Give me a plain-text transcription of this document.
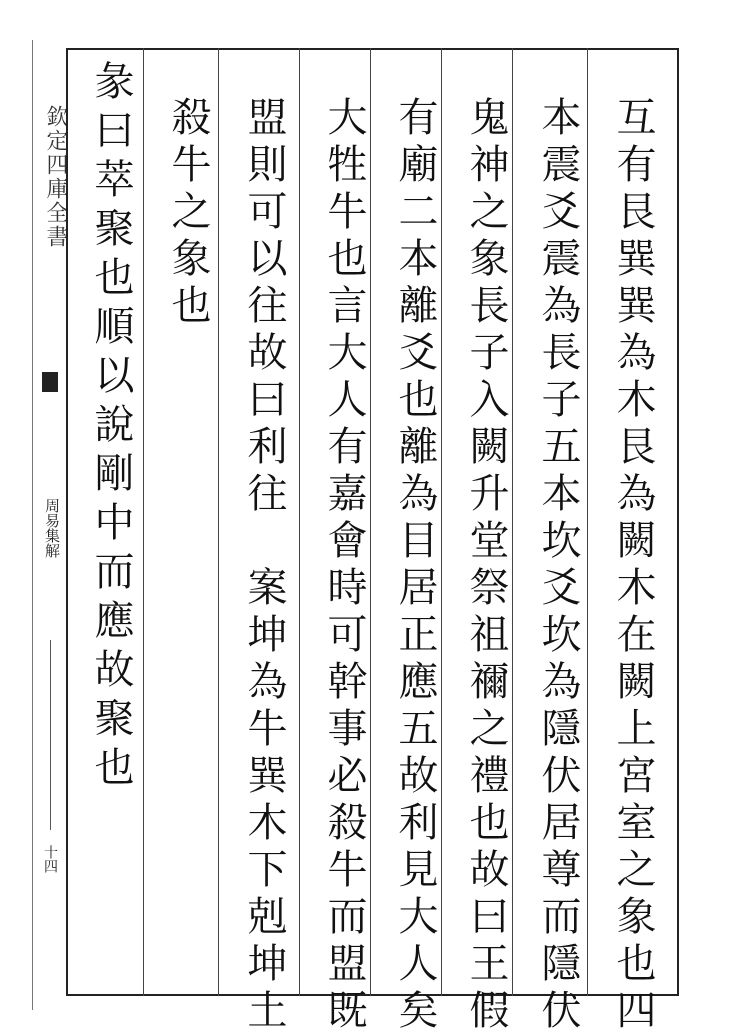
欽定四庫全書
周易集解
十四	互有艮巽巽為木艮為闕木在闕上宮室之象也四
本震爻震為長子五本坎爻坎為隱伏居尊而隱伏
鬼神之象長子入闕升堂祭祖禰之禮也故曰王假
有廟二本離爻也離為目居正應五故利見大人矣
大牲牛也言大人有嘉會時可幹事必殺牛而盟既
盟則可以往故曰利往　案坤為牛巽木下剋坤土
殺牛之象也
彖曰萃聚也順以說剛中而應故聚也
